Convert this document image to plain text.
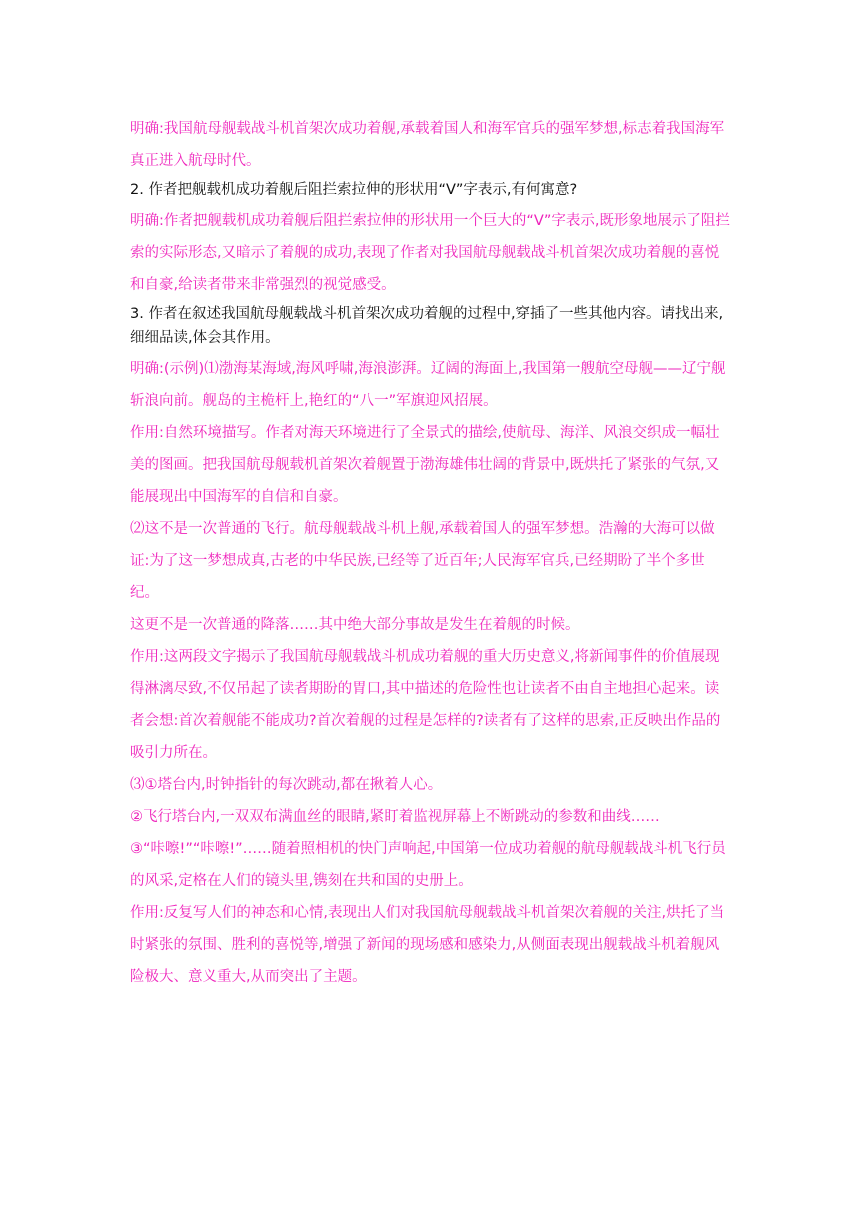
明确:我国航母舰载战斗机首架次成功着舰,承载着国人和海军官兵的强军梦想,标志着我国海军真正进入航母时代。

2. 作者把舰载机成功着舰后阻拦索拉伸的形状用“V”字表示,有何寓意?

明确:作者把舰载机成功着舰后阻拦索拉伸的形状用一个巨大的“V”字表示,既形象地展示了阻拦索的实际形态,又暗示了着舰的成功,表现了作者对我国航母舰载战斗机首架次成功着舰的喜悦和自豪,给读者带来非常强烈的视觉感受。

3. 作者在叙述我国航母舰载战斗机首架次成功着舰的过程中,穿插了一些其他内容。请找出来,细细品读,体会其作用。

明确:(示例)⑴渤海某海域,海风呼啸,海浪澎湃。辽阔的海面上,我国第一艘航空母舰——辽宁舰斩浪向前。舰岛的主桅杆上,艳红的“八一”军旗迎风招展。

作用:自然环境描写。作者对海天环境进行了全景式的描绘,使航母、海洋、风浪交织成一幅壮美的图画。把我国航母舰载机首架次着舰置于渤海雄伟壮阔的背景中,既烘托了紧张的气氛,又能展现出中国海军的自信和自豪。

⑵这不是一次普通的飞行。航母舰载战斗机上舰,承载着国人的强军梦想。浩瀚的大海可以做证:为了这一梦想成真,古老的中华民族,已经等了近百年;人民海军官兵,已经期盼了半个多世纪。

这更不是一次普通的降落……其中绝大部分事故是发生在着舰的时候。

作用:这两段文字揭示了我国航母舰载战斗机成功着舰的重大历史意义,将新闻事件的价值展现得淋漓尽致,不仅吊起了读者期盼的胃口,其中描述的危险性也让读者不由自主地担心起来。读者会想:首次着舰能不能成功?首次着舰的过程是怎样的?读者有了这样的思索,正反映出作品的吸引力所在。

⑶①塔台内,时钟指针的每次跳动,都在揪着人心。

②飞行塔台内,一双双布满血丝的眼睛,紧盯着监视屏幕上不断跳动的参数和曲线……

③“咔嚓!”“咔嚓!”……随着照相机的快门声响起,中国第一位成功着舰的航母舰载战斗机飞行员的风采,定格在人们的镜头里,镌刻在共和国的史册上。

作用:反复写人们的神态和心情,表现出人们对我国航母舰载战斗机首架次着舰的关注,烘托了当时紧张的氛围、胜利的喜悦等,增强了新闻的现场感和感染力,从侧面表现出舰载战斗机着舰风险极大、意义重大,从而突出了主题。
